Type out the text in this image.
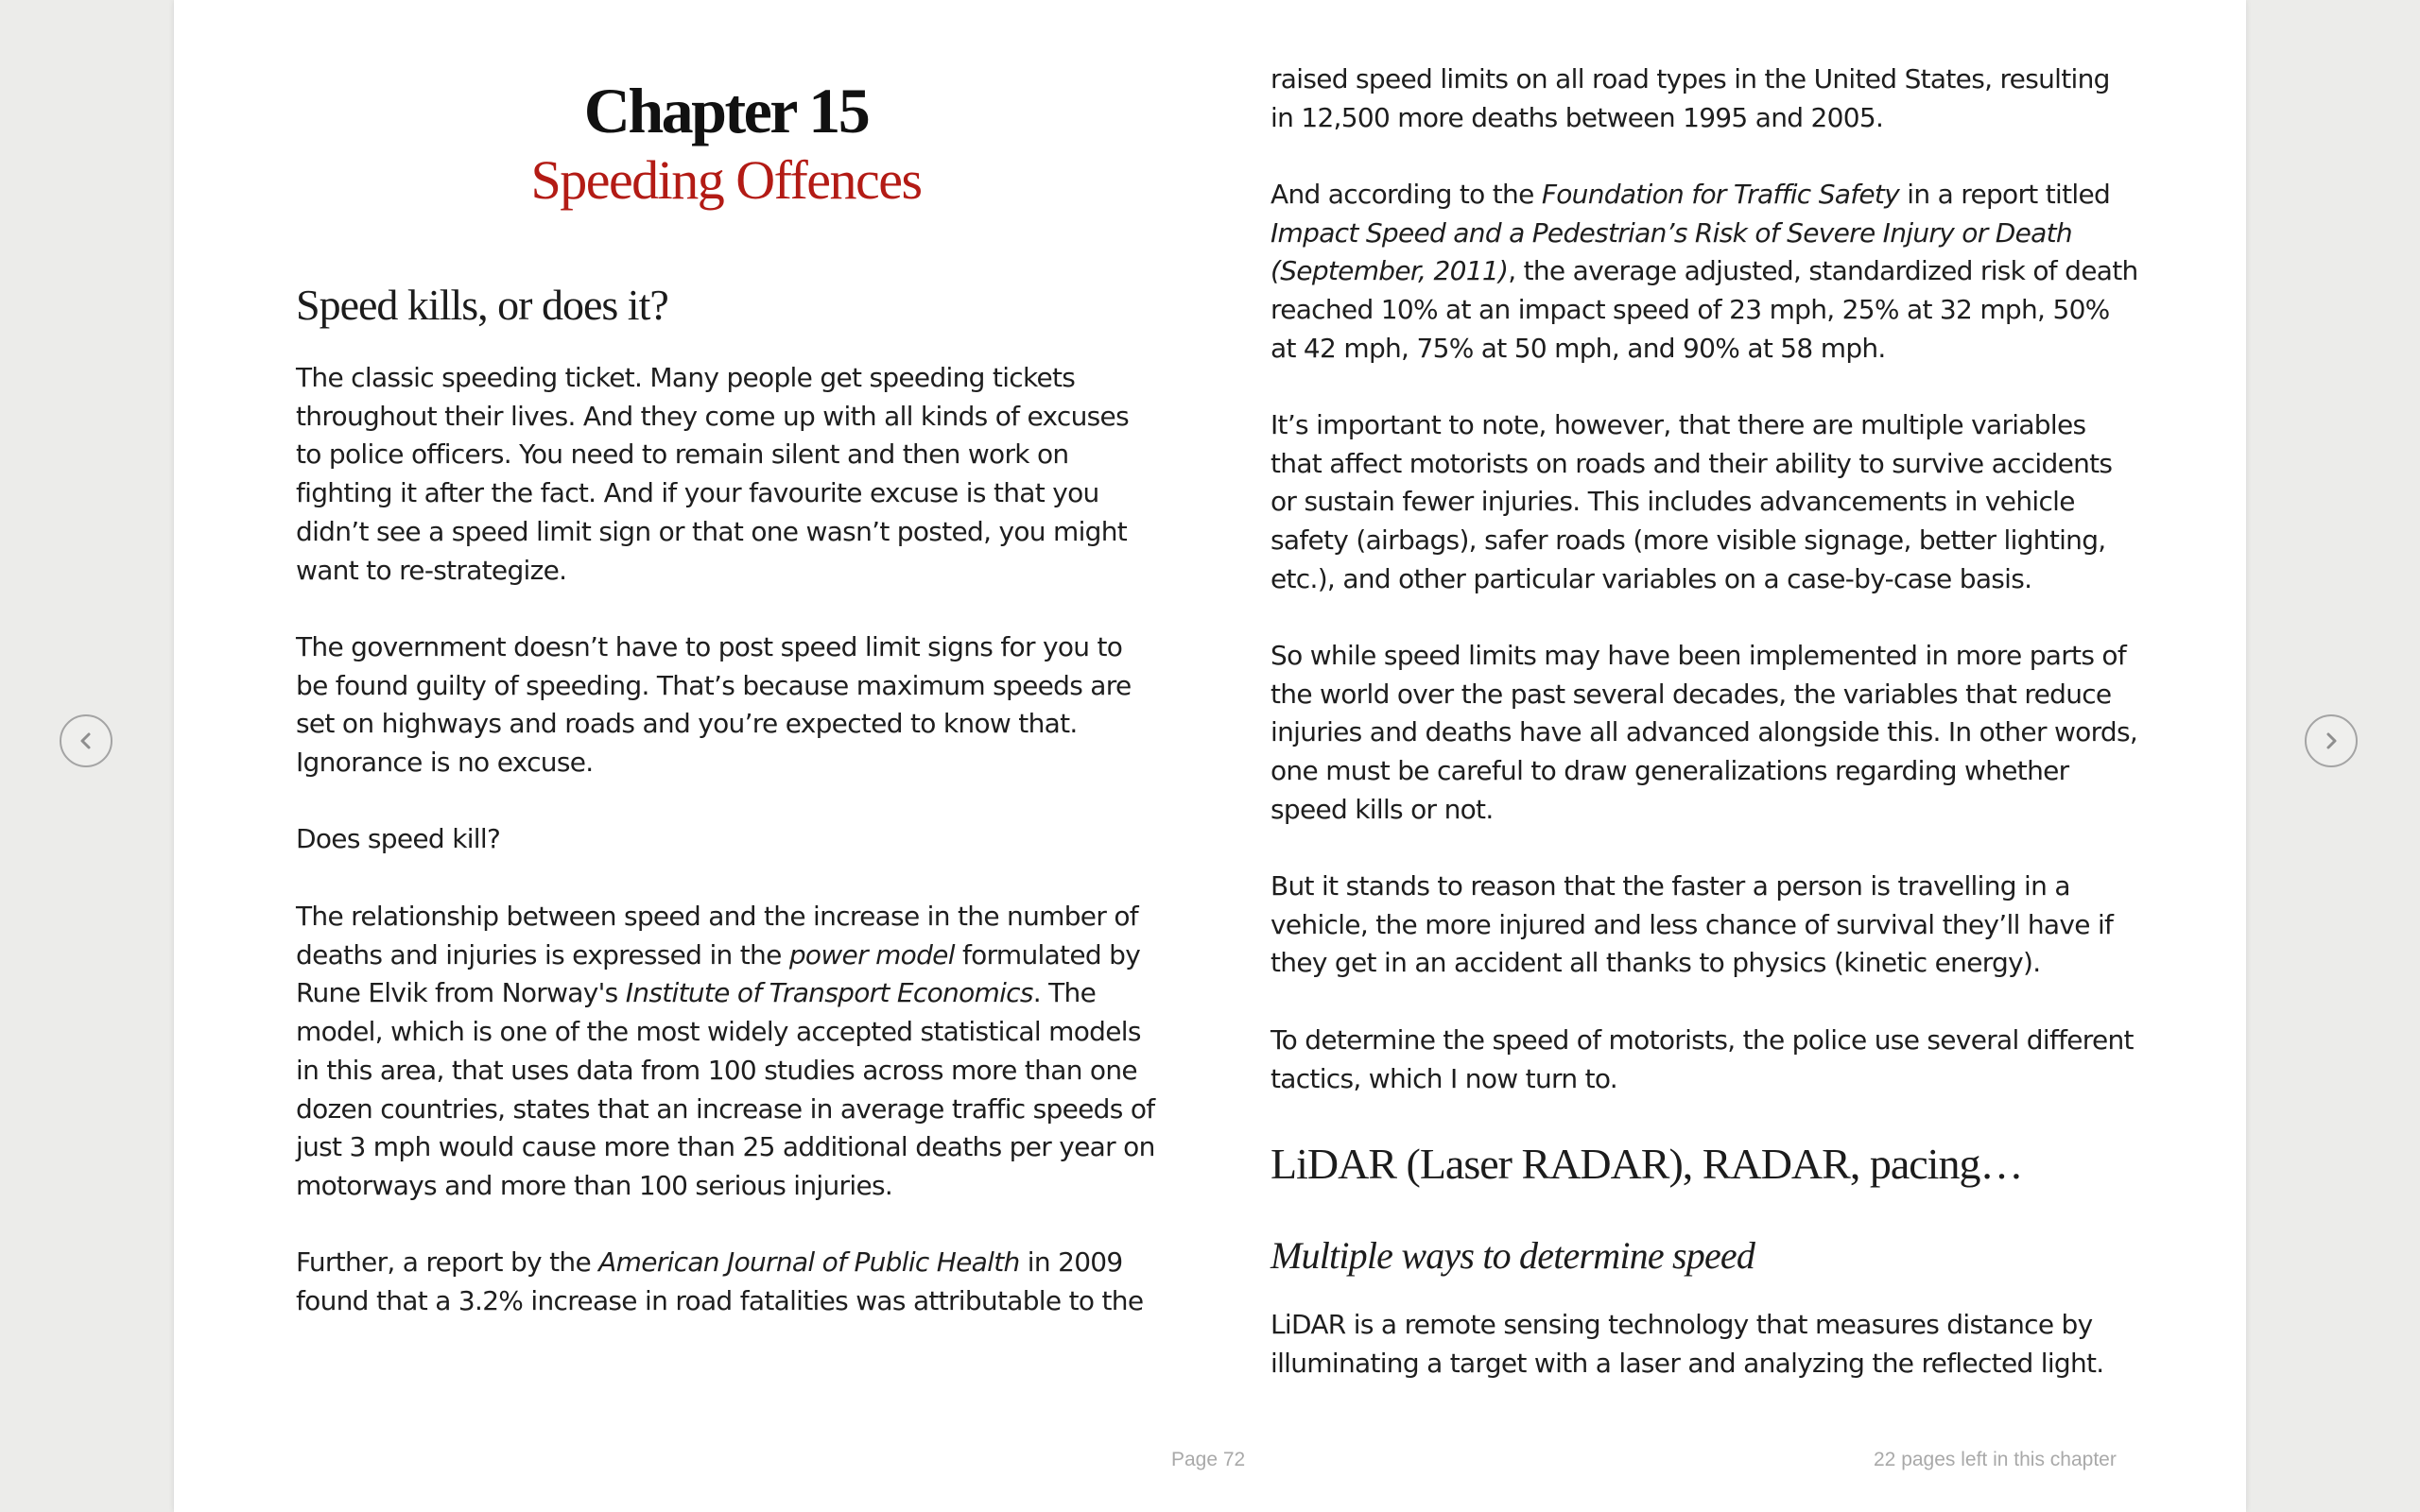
Chapter 15
Speeding Offences
Speed kills, or does it?

The classic speeding ticket. Many people get speeding tickets throughout their lives. And they come up with all kinds of excuses to police officers. You need to remain silent and then work on fighting it after the fact. And if your favourite excuse is that you didn’t see a speed limit sign or that one wasn’t posted, you might want to re-strategize.

The government doesn’t have to post speed limit signs for you to be found guilty of speeding. That’s because maximum speeds are set on highways and roads and you’re expected to know that. Ignorance is no excuse.

Does speed kill?

The relationship between speed and the increase in the number of deaths and injuries is expressed in the power model formulated by Rune Elvik from Norway's Institute of Transport Economics. The model, which is one of the most widely accepted statistical models in this area, that uses data from 100 studies across more than one dozen countries, states that an increase in average traffic speeds of just 3 mph would cause more than 25 additional deaths per year on motorways and more than 100 serious injuries.

Further, a report by the American Journal of Public Health in 2009 found that a 3.2% increase in road fatalities was attributable to the

raised speed limits on all road types in the United States, resulting in 12,500 more deaths between 1995 and 2005.

And according to the Foundation for Traffic Safety in a report titled Impact Speed and a Pedestrian’s Risk of Severe Injury or Death (September, 2011), the average adjusted, standardized risk of death reached 10% at an impact speed of 23 mph, 25% at 32 mph, 50% at 42 mph, 75% at 50 mph, and 90% at 58 mph.

It’s important to note, however, that there are multiple variables that affect motorists on roads and their ability to survive accidents or sustain fewer injuries. This includes advancements in vehicle safety (airbags), safer roads (more visible signage, better lighting, etc.), and other particular variables on a case-by-case basis.

So while speed limits may have been implemented in more parts of the world over the past several decades, the variables that reduce injuries and deaths have all advanced alongside this. In other words, one must be careful to draw generalizations regarding whether speed kills or not.

But it stands to reason that the faster a person is travelling in a vehicle, the more injured and less chance of survival they’ll have if they get in an accident all thanks to physics (kinetic energy).

To determine the speed of motorists, the police use several different tactics, which I now turn to.

LiDAR (Laser RADAR), RADAR, pacing…
Multiple ways to determine speed

LiDAR is a remote sensing technology that measures distance by illuminating a target with a laser and analyzing the reflected light.

Page 72	22 pages left in this chapter
